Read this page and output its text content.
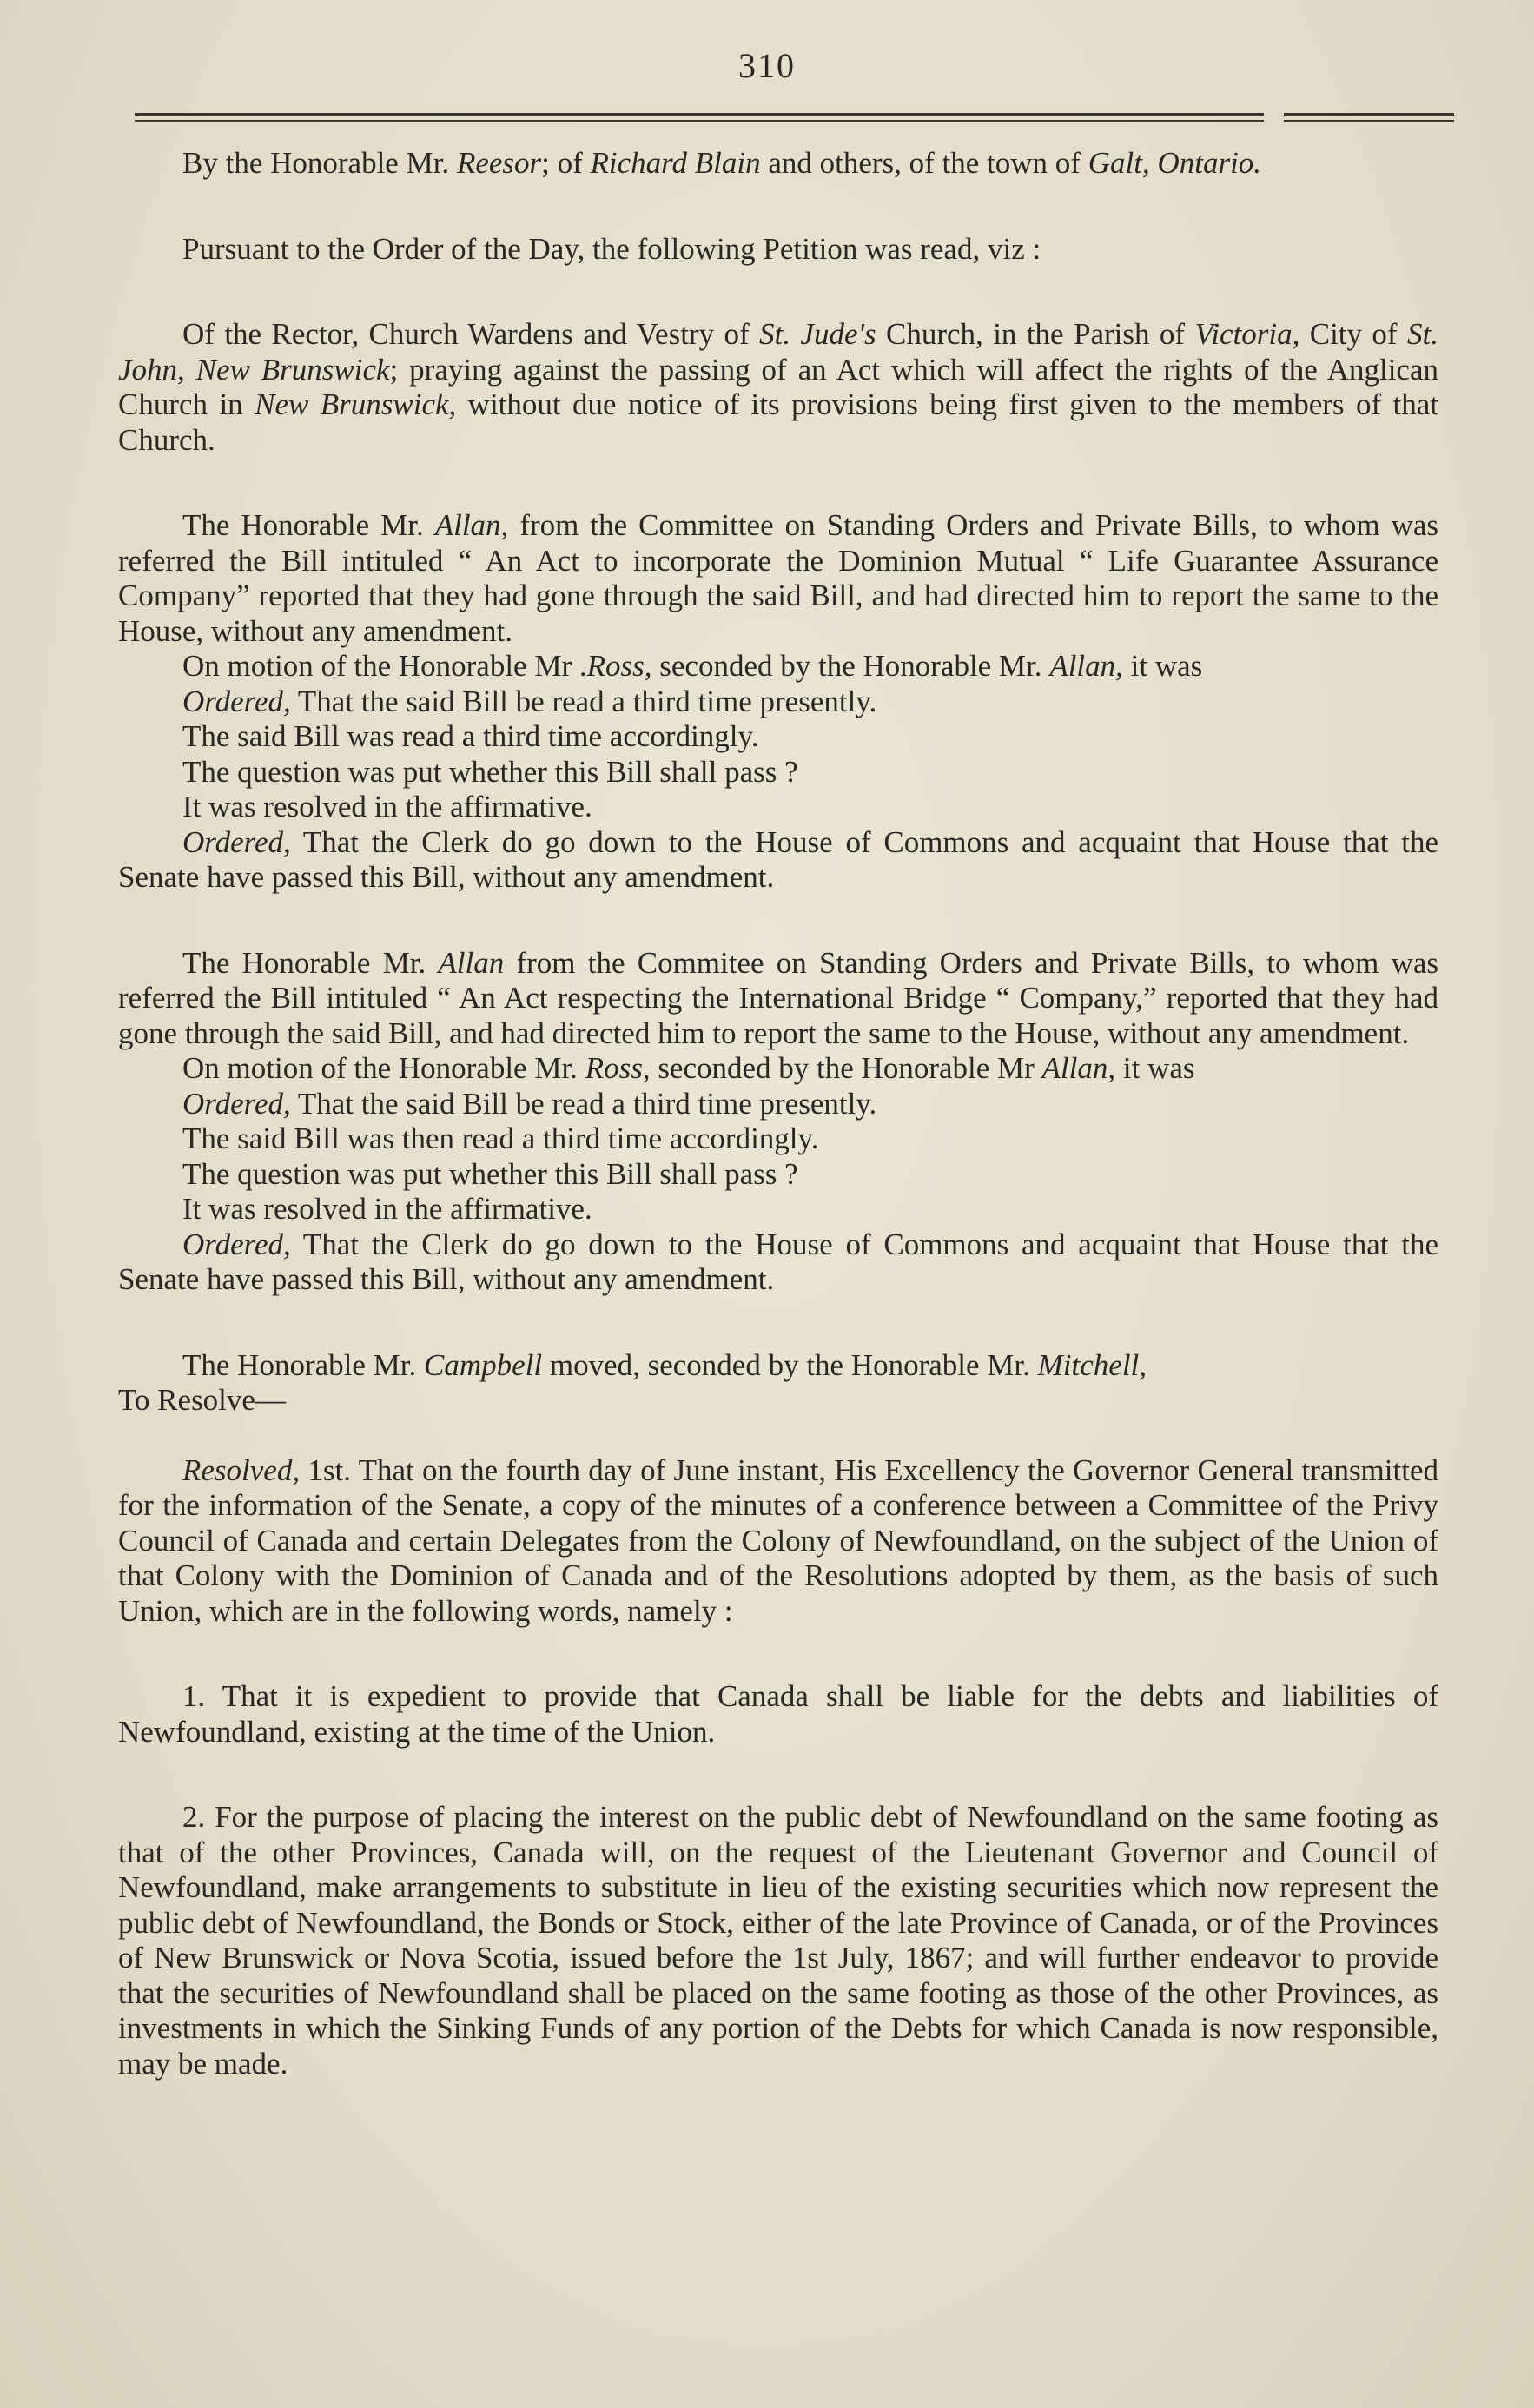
310

By the Honorable Mr. Reesor; of Richard Blain and others, of the town of Galt, Ontario.

Pursuant to the Order of the Day, the following Petition was read, viz :

Of the Rector, Church Wardens and Vestry of St. Jude's Church, in the Parish of Victoria, City of St. John, New Brunswick; praying against the passing of an Act which will affect the rights of the Anglican Church in New Brunswick, without due notice of its provisions being first given to the members of that Church.

The Honorable Mr. Allan, from the Committee on Standing Orders and Private Bills, to whom was referred the Bill intituled “ An Act to incorporate the Dominion Mutual “ Life Guarantee Assurance Company” reported that they had gone through the said Bill, and had directed him to report the same to the House, without any amendment.

On motion of the Honorable Mr .Ross, seconded by the Honorable Mr. Allan, it was

Ordered, That the said Bill be read a third time presently.

The said Bill was read a third time accordingly.

The question was put whether this Bill shall pass ?

It was resolved in the affirmative.

Ordered, That the Clerk do go down to the House of Commons and acquaint that House that the Senate have passed this Bill, without any amendment.

The Honorable Mr. Allan from the Commitee on Standing Orders and Private Bills, to whom was referred the Bill intituled “ An Act respecting the International Bridge “ Company,” reported that they had gone through the said Bill, and had directed him to report the same to the House, without any amendment.

On motion of the Honorable Mr. Ross, seconded by the Honorable Mr Allan, it was

Ordered, That the said Bill be read a third time presently.

The said Bill was then read a third time accordingly.

The question was put whether this Bill shall pass ?

It was resolved in the affirmative.

Ordered, That the Clerk do go down to the House of Commons and acquaint that House that the Senate have passed this Bill, without any amendment.

The Honorable Mr. Campbell moved, seconded by the Honorable Mr. Mitchell,

To Resolve—

Resolved, 1st. That on the fourth day of June instant, His Excellency the Governor General transmitted for the information of the Senate, a copy of the minutes of a conference between a Committee of the Privy Council of Canada and certain Delegates from the Colony of Newfoundland, on the subject of the Union of that Colony with the Dominion of Canada and of the Resolutions adopted by them, as the basis of such Union, which are in the following words, namely :

1. That it is expedient to provide that Canada shall be liable for the debts and liabilities of Newfoundland, existing at the time of the Union.

2. For the purpose of placing the interest on the public debt of Newfoundland on the same footing as that of the other Provinces, Canada will, on the request of the Lieutenant Governor and Council of Newfoundland, make arrangements to substitute in lieu of the existing securities which now represent the public debt of Newfoundland, the Bonds or Stock, either of the late Province of Canada, or of the Provinces of New Brunswick or Nova Scotia, issued before the 1st July, 1867; and will further endeavor to provide that the securities of Newfoundland shall be placed on the same footing as those of the other Provinces, as investments in which the Sinking Funds of any portion of the Debts for which Canada is now responsible, may be made.
